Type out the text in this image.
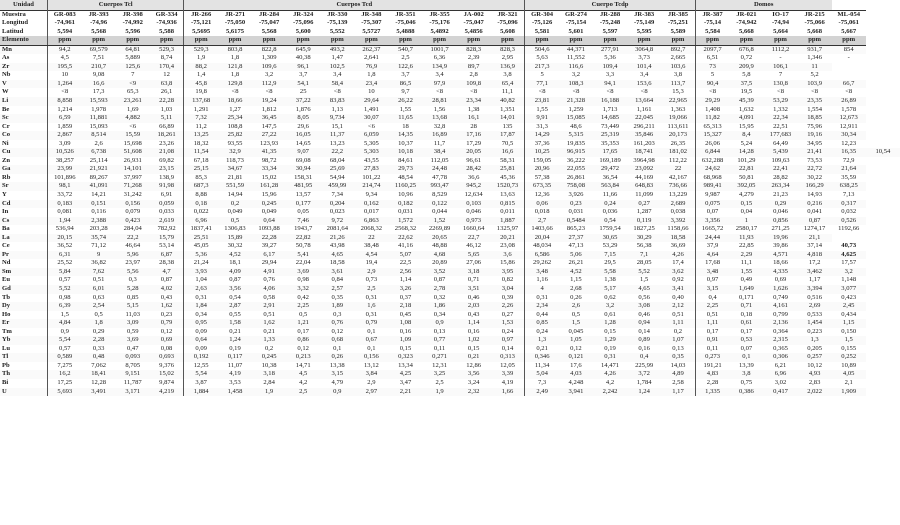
Unidad	Cuerpos Tcl				Cuerpos Tcd										Cuerpo Tcdp					Domos					
Muestra	GR-083	JR-393	JR-398	GR-334	JR-266	JR-271	JR-284	JR-324	JR-330	JR-348	JR-351	JR-355	JA-002	JR-321	GR-304	GR-274	JR-288	JR-383	JR-385	JR-387	JR-021	IO-17	JR-215	ML-054	
Longitud	-74,961	-74,96	-74,992	-74,936	-75,121	-75,050	-75,047	-75,096	-75,139	-75,307	-75,046	-75,176	-75,047	-75,096	-75,126	-75,154	-75,248	-75,149	-75,251	-75,14	-74,942	-74,94	-75,066	-75,061	
Latitud	5,594	5,568	5,596	5,588	5,5695	5,6175	5,568	5,600	5,552	5,5727	5,4888	5,4892	5,4856	5,608	5,581	5,601	5,597	5,595	5,589	5,584	5,668	5,664	5,668	5,667	
Elemento	ppm	ppm	ppm	ppm	ppm	ppm	ppm	ppm	ppm	ppm	ppm	ppm	ppm	ppm	ppm	ppm	ppm	ppm	ppm	ppm	ppm	ppm	ppm	ppm	
Mn	94,2	69,579	64,81	529,3	529,3	803,8	822,8	645,9	493,2	262,37	540,7	1001,7	828,3	828,3	504,6	44,371	277,91	3064,8	892,7	2097,7	676,8	1112,2	931,7	854	
As	4,5	7,51	5,889	8,74	1,9	1,8	1,309	40,38	1,47	2,641	2,5	6,36	2,39	2,95	5,63	11,552	5,36	3,73	2,665	6,51	0,72	-	1,346	-	
Zr	195,5	210,7	125,6	170,4	88,2	121,8	109,6	96,1	102,5	76,9	122,6	134,9	89,7	136,9	217,3	116,6	109,4	101,4	103,6	73	209,9	106,1	11		
Nb	10	9,08	7	12	1,4	1,8	3,2	3,7	3,4	1,8	3,7	3,4	2,8	3,8	5	3,2	3,3	3,4	3,8	5	5,8	7	5,2		
V	1,264	16,6	<9	63,8	45,8	129,8	112,9	54,1	58,4	23,4	86,5	97,9	109,8	65,4	77,1	108,3	94,1	153,6	113,7	90,4	37,5	130,8	103,9	66,7	
W	<8	17,3	65,3	26,1	19,8	<8	<8	25	<8	10	9,7	<8	<8	11,1	<8	<8	<8	<8	15,3	<8	19,5	<8	<8	<8	
Li	8,858	15,593	23,261	22,28	137,68	18,66	19,24	37,22	83,83	29,64	26,22	28,81	23,34	40,82	23,81	21,328	16,188	13,664	22,965	29,29	45,39	53,29	23,35	26,89	
Be	1,214	1,978	1,69	1,03	1,291	1,27	1,812	1,876	1,13	1,491	1,55	1,56	1,38	1,351	1,55	1,259	1,713	1,161	1,363	1,408	1,632	1,332	1,554	1,578	
Sc	6,59	11,881	4,882	5,11	7,32	25,34	36,45	8,05	9,734	30,07	11,65	13,68	16,1	14,01	9,91	15,085	14,685	22,045	19,066	11,82	4,091	22,34	18,85	12,673	
Cr	1,859	15,093	<6	66,89	11,2	108,8	147,5	29,6	15,1	<6	18	32,8	28	135	31,3	48,6	73,449	296,211	113,611	65,313	15,95	22,51	75,96	12,911	
Co	2,867	8,514	15,59	18,261	13,25	25,82	27,22	16,05	11,37	6,059	14,35	16,89	17,16	17,87	14,29	5,315	25,319	35,846	20,173	15,327	8,4	177,683	19,16	30,34	
Ni	3,09	2,6	15,698	23,26	18,32	93,55	123,93	14,65	13,23	5,305	10,37	11,7	17,29	70,5	37,36	19,835	35,353	161,203	26,35	26,06	5,24	64,49	34,95	12,23	
Cu	10,526	6,738	51,608	21,08	11,54	32,9	41,35	9,07	22,2	5,303	10,18	38,4	20,05	16,6	10,25	96,915	17,65	18,741	181,02	6,844	14,28	5,439	21,41	16,35	10,54
Zn	38,257	25,114	26,931	69,82	67,18	118,73	98,72	69,08	68,04	43,55	84,61	112,05	96,61	58,31	159,05	36,222	169,189	3964,98	112,22	632,288	101,29	109,63	73,53	72,9	
Ga	23,99	21,921	14,101	23,15	25,15	34,67	33,34	30,94	25,69	27,83	29,73	24,48	28,42	25,81	20,96	22,055	29,472	23,092	22	24,62	22,81	22,41	22,72	21,64	
Rb	101,896	89,267	37,997	138,9	85,3	21,81	15,02	158,31	54,94	101,22	48,54	47,78	36,6	45,36	57,38	26,861	36,54	44,169	42,167	68,968	50,81	28,82	30,22	35,59	
Sr	98,1	41,091	71,268	91,98	687,3	551,59	161,28	481,95	459,99	214,74	1160,25	993,47	945,2	1520,73	673,35	758,08	563,84	648,83	736,66	989,41	392,05	263,34	166,29	638,25	
Y	33,72	14,21	31,242	6,91	8,88	14,94	15,96	13,57	7,34	9,34	10,96	8,529	12,634	13,63	12,36	3,926	11,66	11,099	13,229	9,987	4,279	21,23	14,93	7,13	
Cd	0,183	0,151	0,156	0,059	0,18	0,2	0,245	0,177	0,204	0,162	0,182	0,122	0,103	0,815	0,06	0,23	0,24	0,27	2,689	0,075	0,15	0,29	0,216	0,317	
In	0,081	0,116	0,079	0,033	0,022	0,049	0,049	0,05	0,023	0,017	0,031	0,044	0,046	0,011	0,018	0,031	0,036	1,287	0,038	0,07	0,04	0,046	0,041	0,032	
Cs	1,94	2,388	0,423	2,619	6,96	0,5	0,64	7,46	9,72	6,863	1,572	1,52	0,973	1,887	2,7	0,5484	0,54	0,119	3,392	3,356	1	0,856	0,87	0,526	
Ba	536,94	203,28	284,04	782,92	1837,41	1306,83	1093,88	1943,7	2081,64	2068,32	2568,32	2269,89	1660,64	1325,97	1403,66	865,23	1759,54	1827,25	1158,66	1665,72	2580,17	271,25	1274,17	1192,66	
La	20,15	35,74	22,2	15,79	25,51	15,89	22,28	22,82	21,26	22	22,62	20,65	22,7	20,21	20,04	27,37	30,65	30,29	18,58	24,44	11,93	19,96	21,1		
Ce	36,52	71,12	46,64	53,14	45,05	30,32	39,27	50,78	43,98	38,48	41,16	48,88	46,12	23,08	48,034	47,13	53,29	56,38	36,69	37,9	22,85	39,86	37,14	40,73	
Pr	6,31	9	5,96	6,87	5,36	4,52	6,17	5,41	4,65	4,54	5,07	4,68	5,65	3,6	6,586	5,06	7,15	7,1	4,26	4,64	2,29	4,571	4,818	4,625	
Nd	25,52	36,82	23,97	28,38	21,24	18,1	29,94	22,04	18,58	19,4	22,5	20,89	27,06	15,86	29,262	26,21	29,5	28,05	17,4	17,68	11,1	18,66	17,2	17,57	
Sm	5,84	7,62	5,56	4,7	3,93	4,09	4,91	3,69	3,61	2,9	2,56	3,52	3,18	3,95	3,48	4,52	5,58	5,52	3,62	3,48	1,55	4,335	3,462	3,2	
Eu	0,57	0,51	0,3	0,87	1,04	0,87	0,76	0,98	0,84	0,73	1,14	0,87	0,71	0,82	1,16	1,15	1,38	1,5	0,92	0,97	0,49	0,69	1,17	1,148	
Gd	5,52	6,01	5,28	4,02	2,63	3,56	4,06	3,32	2,57	2,5	3,26	2,78	3,51	3,04	4	2,68	5,17	4,65	3,41	3,15	1,649	1,626	3,394	3,077	
Tb	0,98	0,63	0,85	0,43	0,31	0,54	0,58	0,42	0,35	0,31	0,37	0,32	0,46	0,39	0,31	0,26	0,62	0,56	0,40	0,4	0,171	0,749	0,516	0,423	
Dy	6,39	2,54	5,15	1,62	1,84	2,87	2,91	2,25	1,89	1,6	2,18	1,86	2,03	2,26	2,34	2,6	3,2	3,08	2,12	2,25	0,71	4,161	2,69	2,45	
Ho	1,5	0,5	11,03	0,23	0,34	0,55	0,51	0,5	0,3	0,31	0,45	0,34	0,43	0,27	0,44	0,5	0,61	0,46	0,51	0,51	0,18	0,799	0,533	0,434	
Er	4,84	1,8	3,09	0,79	0,95	1,58	1,62	1,21	0,76	0,79	1,08	0,9	1,14	1,53	0,85	1,5	1,28	0,94	1,11	1,11	0,61	2,136	1,454	1,15	
Tm	0,9	0,29	0,59	0,12	0,09	0,21	0,21	0,17	0,12	0,1	0,16	0,13	0,16	0,24	0,24	0,045	0,15	0,14	0,2	0,17	0,17	0,364	0,223	0,150	
Yb	5,54	2,28	3,69	0,69	0,64	1,24	1,33	0,86	0,68	0,67	1,09	0,77	1,02	0,97	1,3	1,05	1,29	0,89	1,07	0,91	0,53	2,315	1,3	1,5	
Lu	0,57	0,33	0,47	0,08	0,09	0,19	0,2	0,12	0,1	0,1	0,15	0,11	0,15	0,14	0,21	0,12	0,19	0,16	0,13	0,11	0,07	0,365	0,205	0,155	
Tl	0,589	0,48	0,093	0,693	0,192	0,117	0,245	0,213	0,26	0,156	0,323	0,271	0,21	0,313	0,346	0,121	0,31	0,4	0,35	0,273	0,1	0,306	0,257	0,252	
Pb	7,275	7,062	8,705	9,376	12,55	11,07	10,38	14,71	13,38	13,12	13,34	12,31	12,86	12,05	11,34	17,6	14,471	225,99	14,03	191,21	13,39	6,21	10,12	10,89	
Th	16,2	18,41	9,151	15,02	5,54	4,19	3,18	4,5	3,15	3,84	4,25	3,25	3,56	3,39	5,04	4,03	4,26	3,72	4,89	4,83	3,8	6,96	4,93	4,05	
Bi	17,25	12,28	11,787	9,874	3,87	3,53	2,84	4,2	4,79	2,9	3,47	2,5	3,24	4,19	7,3	4,248	4,2	1,784	2,58	2,28	0,75	3,02	2,83	2,1	
U	5,693	3,491	3,171	4,219	1,884	1,458	1,9	2,5	0,9	2,97	2,21	1,9	2,32	1,66	2,49	3,941	2,242	1,24	1,17	1,335	0,386	0,417	2,022	1,909	
